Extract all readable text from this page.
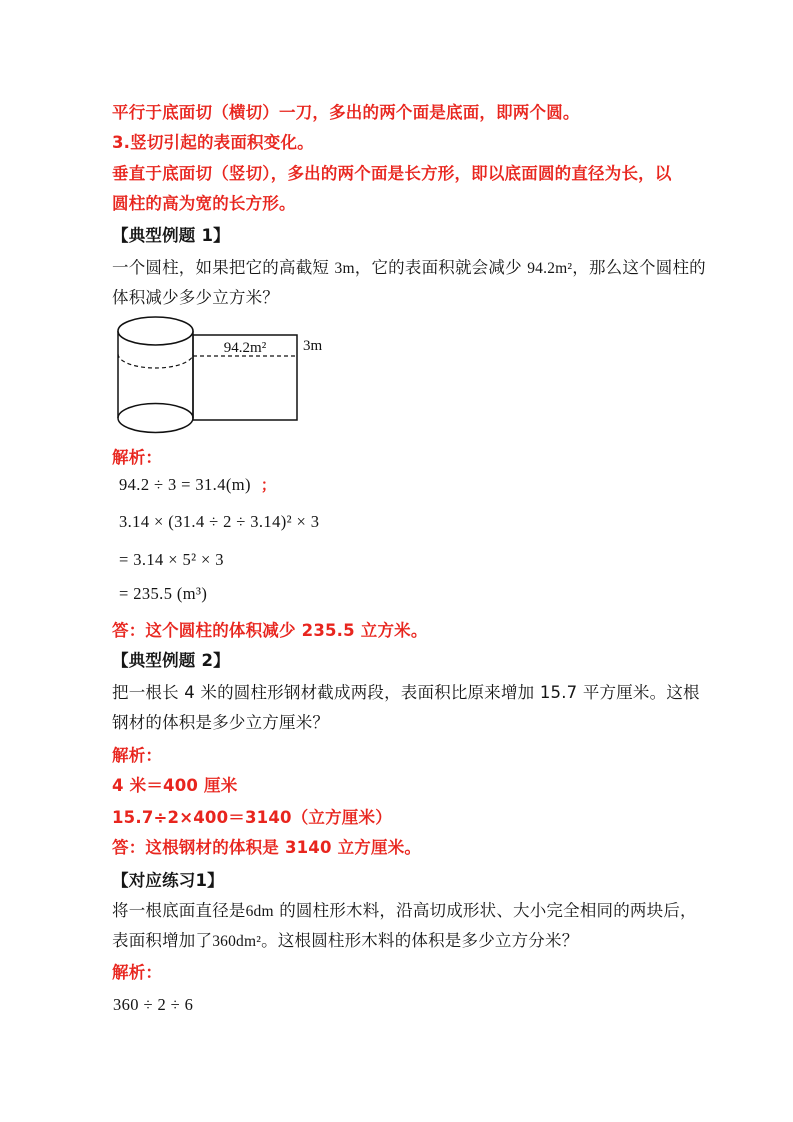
平行于底面切（横切）一刀，多出的两个面是底面，即两个圆。
3.竖切引起的表面积变化。
垂直于底面切（竖切），多出的两个面是长方形，即以底面圆的直径为长，以
圆柱的高为宽的长方形。
【典型例题 1】
一个圆柱，如果把它的高截短 3m，它的表面积就会减少 94.2m²，那么这个圆柱的
体积减少多少立方米？
94.2m² 3m
解析：
94.2 ÷ 3 = 31.4(m) ；
3.14 × (31.4 ÷ 2 ÷ 3.14)² × 3
= 3.14 × 5² × 3
= 235.5 (m³)
答：这个圆柱的体积减少 235.5 立方米。
【典型例题 2】
把一根长 4 米的圆柱形钢材截成两段，表面积比原来增加 15.7 平方厘米。这根
钢材的体积是多少立方厘米？
解析：
4 米＝400 厘米
15.7÷2×400＝3140（立方厘米）
答：这根钢材的体积是 3140 立方厘米。
【对应练习1】
将一根底面直径是6dm 的圆柱形木料，沿高切成形状、大小完全相同的两块后，
表面积增加了360dm²。这根圆柱形木料的体积是多少立方分米？
解析：
360 ÷ 2 ÷ 6
